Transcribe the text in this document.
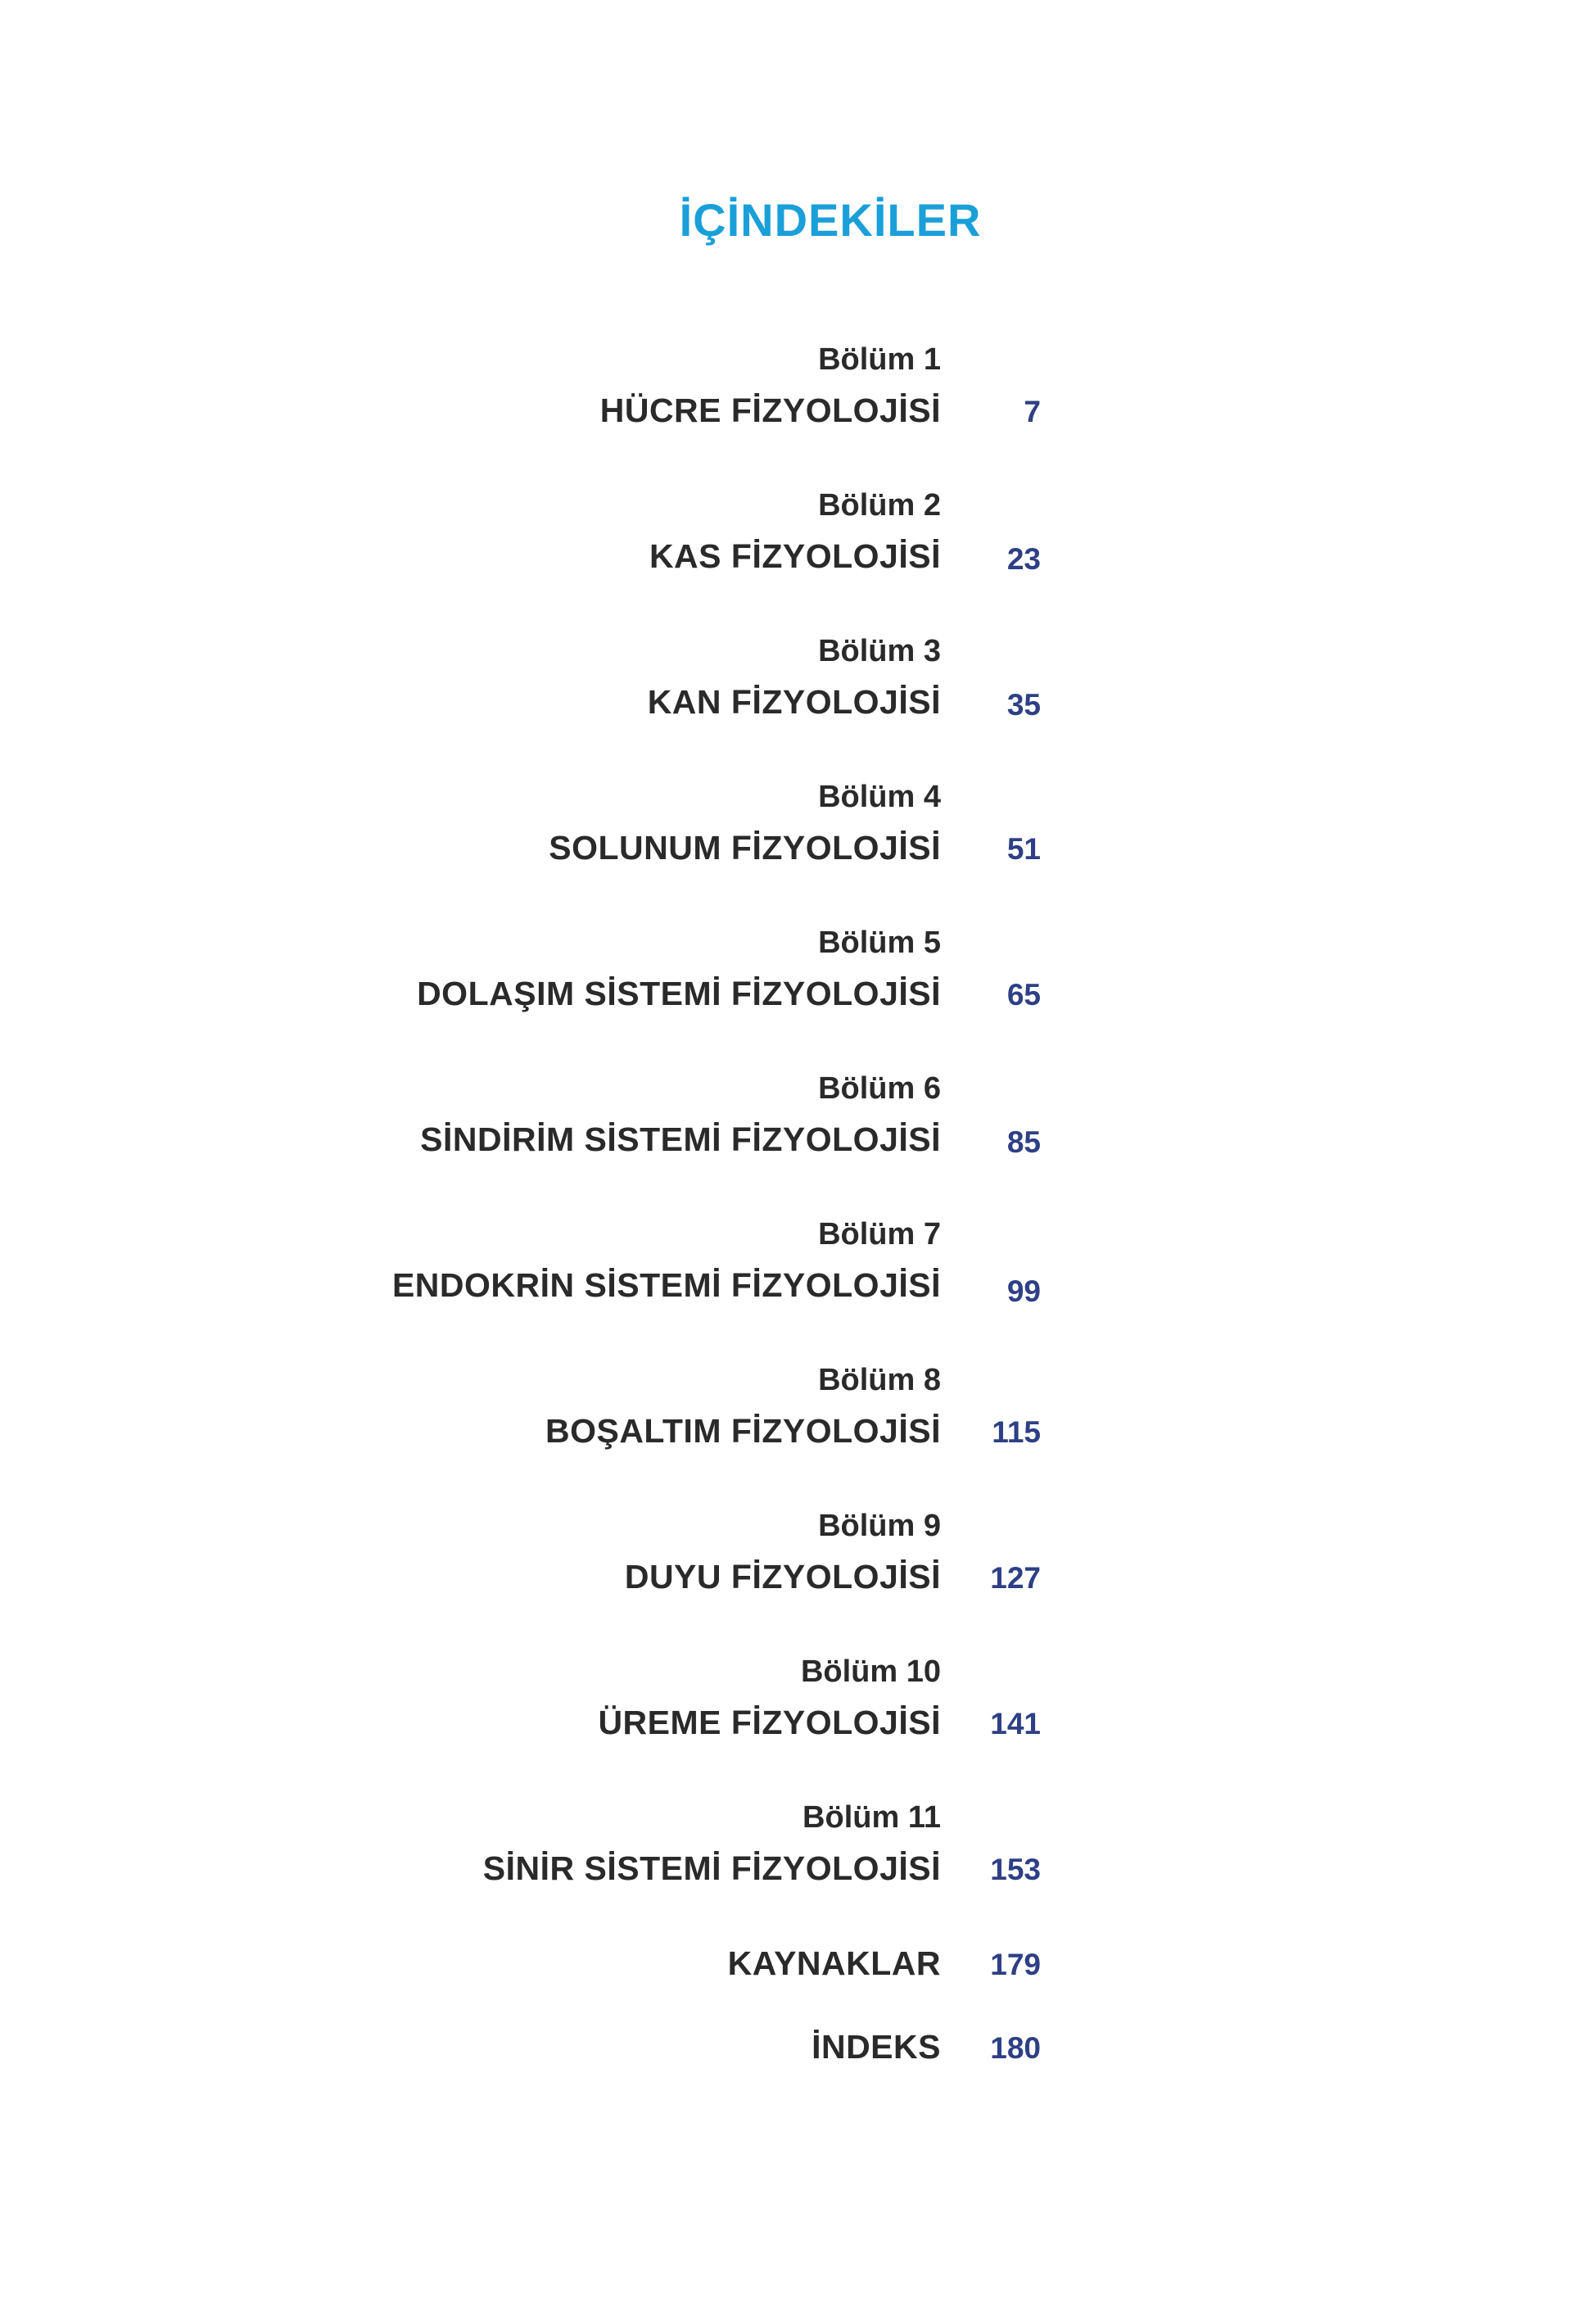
İÇİNDEKİLER
Bölüm 1
HÜCRE FİZYOLOJİSİ	7
Bölüm 2
KAS FİZYOLOJİSİ	23
Bölüm 3
KAN FİZYOLOJİSİ	35
Bölüm 4
SOLUNUM FİZYOLOJİSİ	51
Bölüm 5
DOLAŞIM SİSTEMİ FİZYOLOJİSİ	65
Bölüm 6
SİNDİRİM SİSTEMİ FİZYOLOJİSİ	85
Bölüm 7
ENDOKRİN SİSTEMİ FİZYOLOJİSİ	99
Bölüm 8
BOŞALTIM FİZYOLOJİSİ 115
Bölüm 9
DUYU FİZYOLOJİSİ 127
Bölüm 10
ÜREME FİZYOLOJİSİ 141
Bölüm 11
SİNİR SİSTEMİ FİZYOLOJİSİ 153
KAYNAKLAR 179
İNDEKS 180
